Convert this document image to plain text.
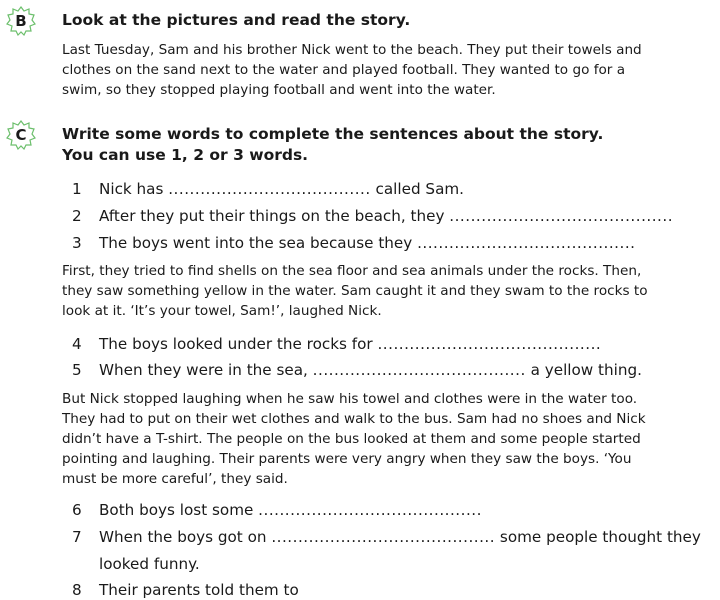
B	Look at the pictures and read the story.
Last Tuesday, Sam and his brother Nick went to the beach. They put their towels and
clothes on the sand next to the water and played football. They wanted to go for a
swim, so they stopped playing football and went into the water.
C	Write some words to complete the sentences about the story.
You can use 1, 2 or 3 words.
1 Nick has ...................................... called Sam.
2 After they put their things on the beach, they ..........................................
3 The boys went into the sea because they .........................................
First, they tried to find shells on the sea floor and sea animals under the rocks. Then,
they saw something yellow in the water. Sam caught it and they swam to the rocks to
look at it. ‘It’s your towel, Sam!’, laughed Nick.
4 The boys looked under the rocks for ..........................................
5 When they were in the sea, ........................................ a yellow thing.
But Nick stopped laughing when he saw his towel and clothes were in the water too.
They had to put on their wet clothes and walk to the bus. Sam had no shoes and Nick
didn’t have a T-shirt. The people on the bus looked at them and some people started
pointing and laughing. Their parents were very angry when they saw the boys. ‘You
must be more careful’, they said.
6 Both boys lost some ..........................................
7 When the boys got on .......................................... some people thought they
looked funny.
8 Their parents told them to
